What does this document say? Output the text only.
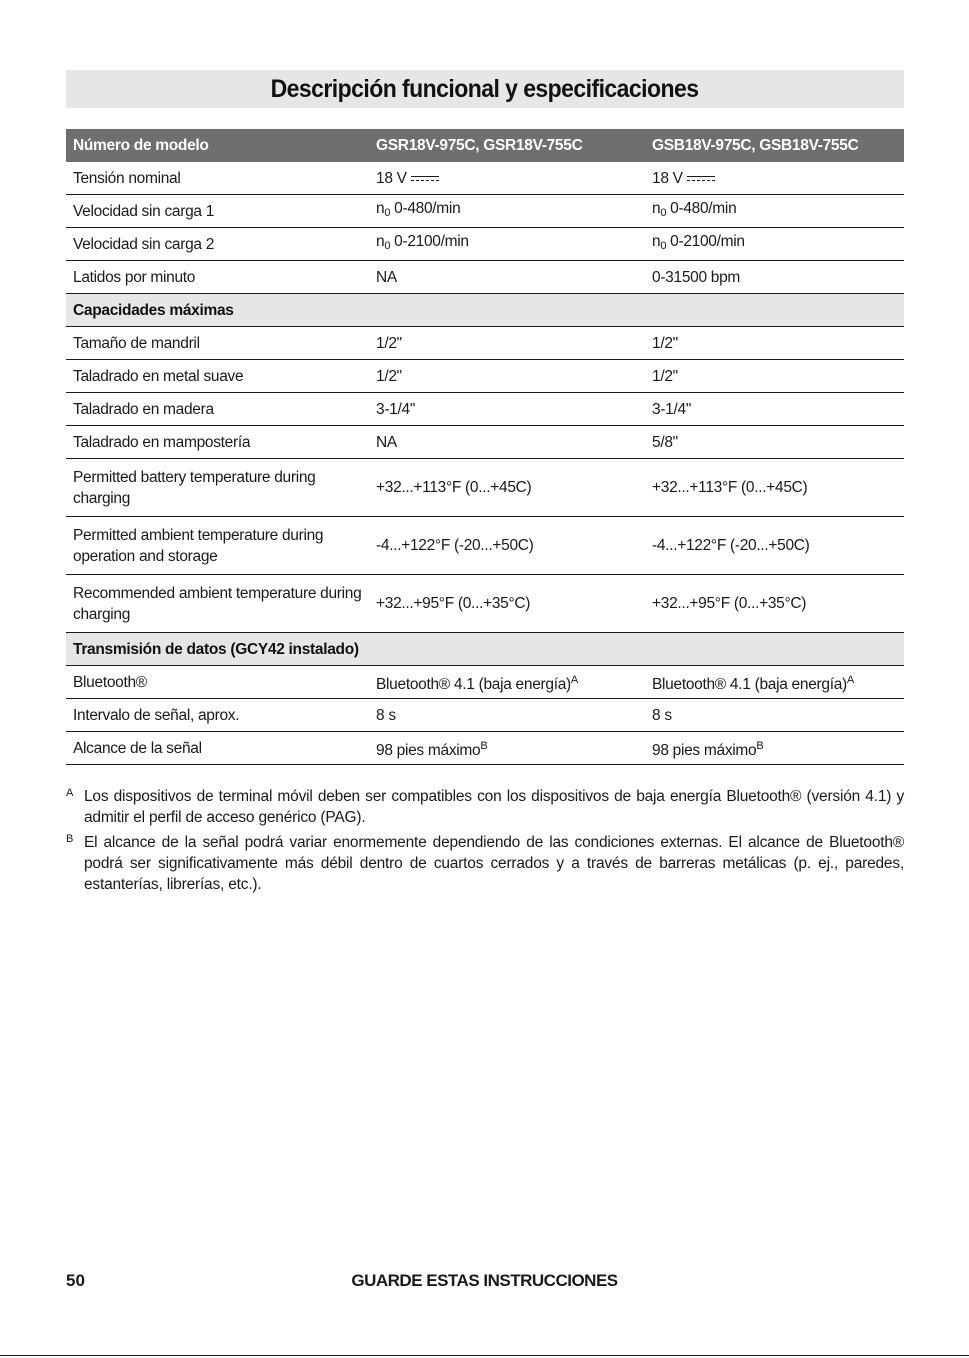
Descripción funcional y especificaciones
Número de modelo	GSR18V-975C, GSR18V-755C	GSB18V-975C, GSB18V-755C
Tensión nominal	18 V	18 V
Velocidad sin carga 1	$n_0$ 0-480/min	$n_0$ 0-480/min
Velocidad sin carga 2	$n_0$ 0-2100/min	$n_0$ 0-2100/min
Latidos por minuto	NA	0-31500 bpm
Capacidades máximas		
Tamaño de mandril	1/2"	1/2"
Taladrado en metal suave	1/2"	1/2"
Taladrado en madera	3-1/4"	3-1/4"
Taladrado en mampostería	NA	5/8"
Permitted battery temperature during charging	+32...+113°F (0...+45C)	+32...+113°F (0...+45C)
Permitted ambient temperature during operation and storage	-4...+122°F (-20...+50C)	-4...+122°F (-20...+50C)
Recommended ambient temperature during charging	+32...+95°F (0...+35°C)	+32...+95°F (0...+35°C)
Transmisión de datos (GCY42 instalado)		
Bluetooth®	Bluetooth® 4.1 (baja energía)$^A$	Bluetooth® 4.1 (baja energía)$^A$
Intervalo de señal, aprox.	8 s	8 s
Alcance de la señal	98 pies máximo$^B$	98 pies máximo$^B$
A Los dispositivos de terminal móvil deben ser compatibles con los dispositivos de baja energía Bluetooth® (versión 4.1) y admitir el perfil de acceso genérico (PAG).
B El alcance de la señal podrá variar enormemente dependiendo de las condiciones externas. El alcance de Bluetooth® podrá ser significativamente más débil dentro de cuartos cerrados y a través de barreras metálicas (p. ej., paredes, estanterías, librerías, etc.).
50	GUARDE ESTAS INSTRUCCIONES
